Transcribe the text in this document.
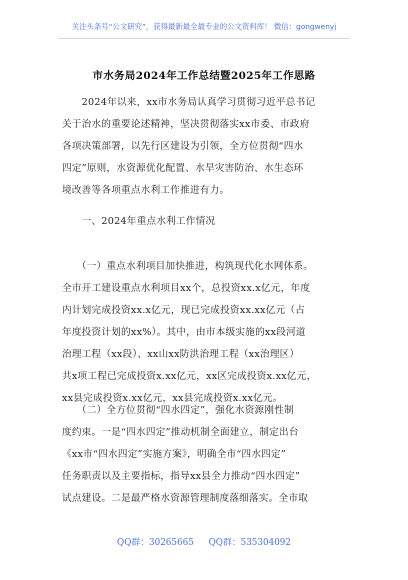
关注头条号“公文研究”，获得最新最全最专业的公文资料库！ 微信：gongwenyj
市水务局2024年工作总结暨2025年工作思路
　　2024年以来，xx市水务局认真学习贯彻习近平总书记
关于治水的重要论述精神，坚决贯彻落实xx市委、市政府
各项决策部署，以先行区建设为引领，全方位贯彻“四水
四定”原则，水资源优化配置、水旱灾害防治、水生态环
境改善等各项重点水利工作推进有力。
　　一、2024年重点水利工作情况
　　（一）重点水利项目加快推进，构筑现代化水网体系。
全市开工建设重点水利项目xx个，总投资xx.x亿元，年度
内计划完成投资xx.x亿元，现已完成投资xx.xx亿元（占
年度投资计划的xx%）。其中，由市本级实施的xx段河道
治理工程（xx段）、xx山xx防洪治理工程（xx治理区）
共x项工程已完成投资x.xx亿元，xx区完成投资x.xx亿元，
xx县完成投资x.xx亿元，xx县完成投资x.xx亿元。
　　（二）全方位贯彻“四水四定”，强化水资源刚性制
度约束。一是“四水四定”推动机制全面建立，制定出台
《xx市“四水四定”实施方案》，明确全市“四水四定”
任务职责以及主要指标，指导xx县全力推动“四水四定”
试点建设。二是最严格水资源管理制度落细落实。全市取
QQ群：30265665 QQ群：535304092
